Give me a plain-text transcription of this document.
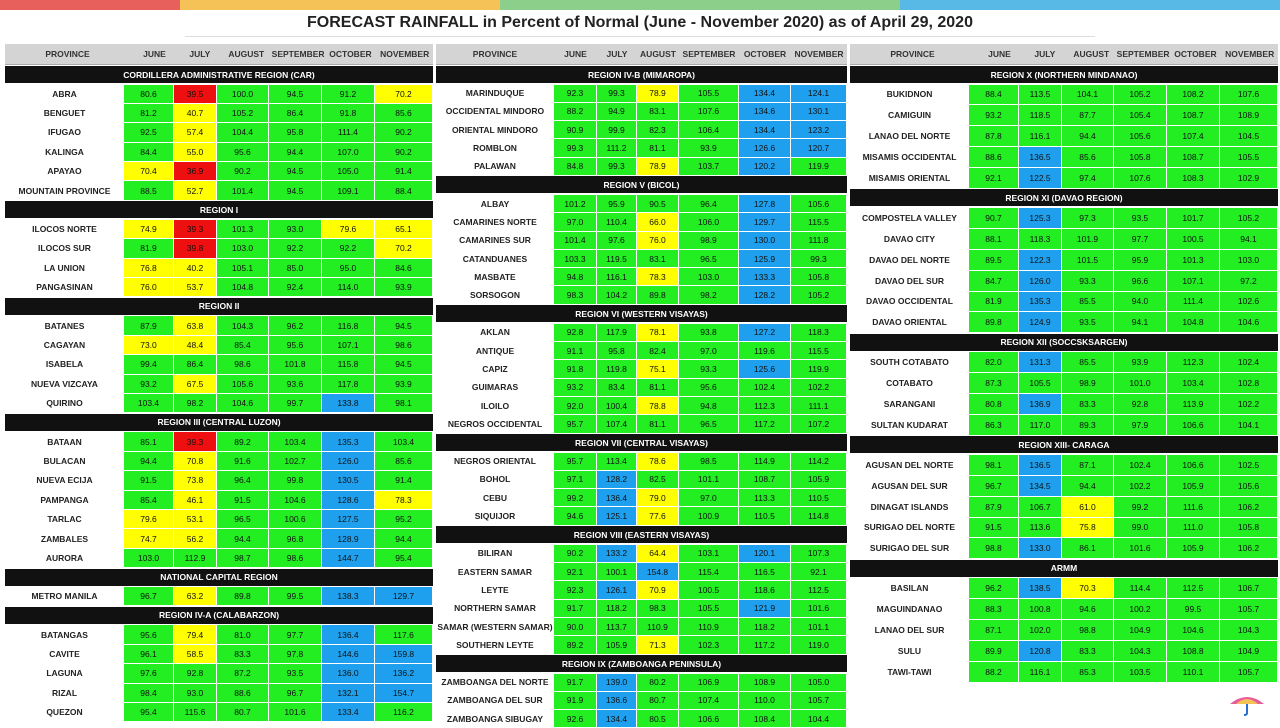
FORECAST RAINFALL in Percent of Normal (June - November 2020) as of April 29, 2020
PROVINCE	JUNE	JULY	AUGUST SEPTEMBER OCTOBER NOVEMBER
CORDILLERA ADMINISTRATIVE REGION (CAR)
ABRA	80.6	39.5	100.0	94.5	91.2	70.2
BENGUET	81.2	40.7	105.2	86.4	91.8	85.6
IFUGAO	92.5	57.4	104.4	95.8	111.4	90.2
KALINGA	84.4	55.0	95.6	94.4	107.0	90.2
APAYAO	70.4	36.9	90.2	94.5	105.0	91.4
MOUNTAIN PROVINCE	88.5	52.7	101.4	94.5	109.1	88.4
REGION I
ILOCOS NORTE	74.9	39.3	101.3	93.0	79.6	65.1
ILOCOS SUR	81.9	39.8	103.0	92.2	92.2	70.2
LA UNION	76.8	40.2	105.1	85.0	95.0	84.6
PANGASINAN	76.0	53.7	104.8	92.4	114.0	93.9
REGION II
BATANES	87.9	63.8	104.3	96.2	116.8	94.5
CAGAYAN	73.0	48.4	85.4	95.6	107.1	98.6
ISABELA	99.4	86.4	98.6	101.8	115.8	94.5
NUEVA VIZCAYA	93.2	67.5	105.6	93.6	117.8	93.9
QUIRINO	103.4	98.2	104.6	99.7	133.8	98.1
REGION III (CENTRAL LUZON)
BATAAN	85.1	39.3	89.2	103.4	135.3	103.4
BULACAN	94.4	70.8	91.6	102.7	126.0	85.6
NUEVA ECIJA	91.5	73.8	96.4	99.8	130.5	91.4
PAMPANGA	85.4	46.1	91.5	104.6	128.6	78.3
TARLAC	79.6	53.1	96.5	100.6	127.5	95.2
ZAMBALES	74.7	56.2	94.4	96.8	128.9	94.4
AURORA	103.0	112.9	98.7	98.6	144.7	95.4
NATIONAL CAPITAL REGION
METRO MANILA	96.7	63.2	89.8	99.5	138.3	129.7
REGION IV-A (CALABARZON)
BATANGAS	95.6	79.4	81.0	97.7	136.4	117.6
CAVITE	96.1	58.5	83.3	97.8	144.6	159.8
LAGUNA	97.6	92.8	87.2	93.5	136.0	136.2
RIZAL	98.4	93.0	88.6	96.7	132.1	154.7
QUEZON	95.4	115.6	80.7	101.6	133.4	116.2
PROVINCE	JUNE	JULY	AUGUST SEPTEMBER OCTOBER NOVEMBER
REGION IV-B (MIMAROPA)
MARINDUQUE	92.3	99.3	78.9	105.5	134.4	124.1
OCCIDENTAL MINDORO	88.2	94.9	83.1	107.6	134.6	130.1
ORIENTAL MINDORO	90.9	99.9	82.3	106.4	134.4	123.2
ROMBLON	99.3	111.2	81.1	93.9	126.6	120.7
PALAWAN	84.8	99.3	78.9	103.7	120.2	119.9
REGION V (BICOL)
ALBAY	101.2	95.9	90.5	96.4	127.8	105.6
CAMARINES NORTE	97.0	110.4	66.0	106.0	129.7	115.5
CAMARINES SUR	101.4	97.6	76.0	98.9	130.0	111.8
CATANDUANES	103.3	119.5	83.1	96.5	125.9	99.3
MASBATE	94.8	116.1	78.3	103.0	133.3	105.8
SORSOGON	98.3	104.2	89.8	98.2	128.2	105.2
REGION VI (WESTERN VISAYAS)
AKLAN	92.8	117.9	78.1	93.8	127.2	118.3
ANTIQUE	91.1	95.8	82.4	97.0	119.6	115.5
CAPIZ	91.8	119.8	75.1	93.3	125.6	119.9
GUIMARAS	93.2	83.4	81.1	95.6	102.4	102.2
ILOILO	92.0	100.4	78.8	94.8	112.3	111.1
NEGROS OCCIDENTAL	95.7	107.4	81.1	96.5	117.2	107.2
REGION VII (CENTRAL VISAYAS)
NEGROS ORIENTAL	95.7	113.4	78.6	98.5	114.9	114.2
BOHOL	97.1	128.2	82.5	101.1	108.7	105.9
CEBU	99.2	136.4	79.0	97.0	113.3	110.5
SIQUIJOR	94.6	125.1	77.6	100.9	110.5	114.8
REGION VIII (EASTERN VISAYAS)
BILIRAN	90.2	133.2	64.4	103.1	120.1	107.3
EASTERN SAMAR	92.1	100.1	154.8	115.4	116.5	92.1
LEYTE	92.3	126.1	70.9	100.5	118.6	112.5
NORTHERN SAMAR	91.7	118.2	98.3	105.5	121.9	101.6
SAMAR (WESTERN SAMAR)	90.0	113.7	110.9	110.9	118.2	101.1
SOUTHERN LEYTE	89.2	105.9	71.3	102.3	117.2	119.0
REGION IX (ZAMBOANGA PENINSULA)
ZAMBOANGA DEL NORTE	91.7	139.0	80.2	106.9	108.9	105.0
ZAMBOANGA DEL SUR	91.9	136.6	80.7	107.4	110.0	105.7
ZAMBOANGA SIBUGAY	92.6	134.4	80.5	106.6	108.4	104.4
PROVINCE	JUNE	JULY	AUGUST SEPTEMBER OCTOBER NOVEMBER
REGION X (NORTHERN MINDANAO)
BUKIDNON	88.4	113.5	104.1	105.2	108.2	107.6
CAMIGUIN	93.2	118.5	87.7	105.4	108.7	108.9
LANAO DEL NORTE	87.8	116.1	94.4	105.6	107.4	104.5
MISAMIS OCCIDENTAL	88.6	136.5	85.6	105.8	108.7	105.5
MISAMIS ORIENTAL	92.1	122.5	97.4	107.6	108.3	102.9
REGION XI (DAVAO REGION)
COMPOSTELA VALLEY	90.7	125.3	97.3	93.5	101.7	105.2
DAVAO CITY	88.1	118.3	101.9	97.7	100.5	94.1
DAVAO DEL NORTE	89.5	122.3	101.5	95.9	101.3	103.0
DAVAO DEL SUR	84.7	126.0	93.3	96.6	107.1	97.2
DAVAO OCCIDENTAL	81.9	135.3	85.5	94.0	111.4	102.6
DAVAO ORIENTAL	89.8	124.9	93.5	94.1	104.8	104.6
REGION XII (SOCCSKSARGEN)
SOUTH COTABATO	82.0	131.3	85.5	93.9	112.3	102.4
COTABATO	87.3	105.5	98.9	101.0	103.4	102.8
SARANGANI	80.8	136.9	83.3	92.8	113.9	102.2
SULTAN KUDARAT	86.3	117.0	89.3	97.9	106.6	104.1
REGION XIII- CARAGA
AGUSAN DEL NORTE	98.1	136.5	87.1	102.4	106.6	102.5
AGUSAN DEL SUR	96.7	134.5	94.4	102.2	105.9	105.6
DINAGAT ISLANDS	87.9	106.7	61.0	99.2	111.6	106.2
SURIGAO DEL NORTE	91.5	113.6	75.8	99.0	111.0	105.8
SURIGAO DEL SUR	98.8	133.0	86.1	101.6	105.9	106.2
ARMM
BASILAN	96.2	138.5	70.3	114.4	112.5	106.7
MAGUINDANAO	88.3	100.8	94.6	100.2	99.5	105.7
LANAO DEL SUR	87.1	102.0	98.8	104.9	104.6	104.3
SULU	89.9	120.8	83.3	104.3	108.8	104.9
TAWI-TAWI	88.2	116.1	85.3	103.5	110.1	105.7
